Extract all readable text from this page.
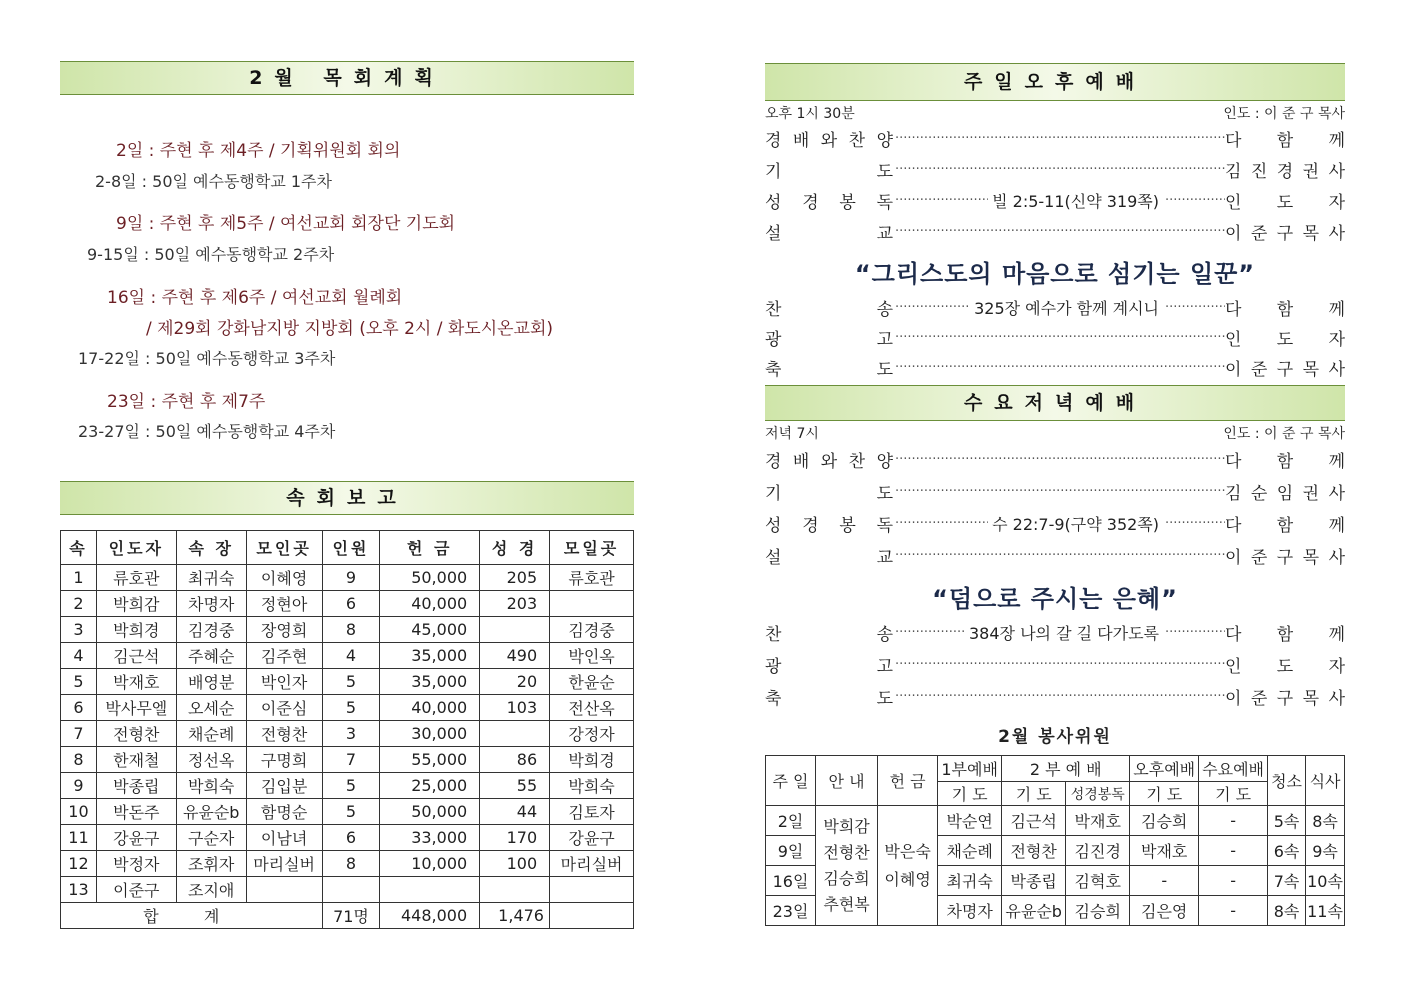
2월 목회계획
2일 : 주현 후 제4주 / 기획위원회 회의
2-8일 : 50일 예수동행학교 1주차
9일 : 주현 후 제5주 / 여선교회 회장단 기도회
9-15일 : 50일 예수동행학교 2주차
16일 : 주현 후 제6주 / 여선교회 월례회
/ 제29회 강화남지방 지방회 (오후 2시 / 화도시온교회)
17-22일 : 50일 예수동행학교 3주차
23일 : 주현 후 제7주
23-27일 : 50일 예수동행학교 4주차
속회보고
속	인도자	속 장	모인곳	인원	헌 금	성 경	모일곳
1	류호관	최귀숙	이혜영	9	50,000	205	류호관
2	박희감	차명자	정현아	6	40,000	203	
3	박희경	김경중	장영희	8	45,000		김경중
4	김근석	주혜순	김주현	4	35,000	490	박인옥
5	박재호	배영분	박인자	5	35,000	20	한윤순
6	박사무엘	오세순	이준심	5	40,000	103	전산옥
7	전형찬	채순례	전형찬	3	30,000		강정자
8	한재철	정선옥	구명희	7	55,000	86	박희경
9	박종립	박희숙	김입분	5	25,000	55	박희숙
10	박돈주	유윤순b	함명순	5	50,000	44	김토자
11	강윤구	구순자	이남녀	6	33,000	170	강윤구
12	박정자	조휘자	마리실버	8	10,000	100	마리실버
13	이준구	조지애					
합 계				71명	448,000	1,476	
주일오후예배
오후 1시 30분	인도 : 이 준 구 목사
경 배 와 찬 양 ·····	다 함 께
기	도 ·····	김 진 경 권 사
성 경 봉 독 ·····	빌 2:5-11(신약 319쪽) ·····	인 도 자
설	교 ·····	이 준 구 목 사
“그리스도의 마음으로 섬기는 일꾼”
찬	송 ·····	325장 예수가 함께 계시니 ·····	다 함 께
광	고 ·····	인 도 자
축	도 ·····	이 준 구 목 사
수요저녁예배
저녁 7시	인도 : 이 준 구 목사
경 배 와 찬 양 ·····	다 함 께
기	도 ·····	김 순 임 권 사
성 경 봉 독 ·····	수 22:7-9(구약 352쪽) ·····	다 함 께
설	교 ·····	이 준 구 목 사
“덤으로 주시는 은혜”
찬	송 ·····	384장 나의 갈 길 다가도록 ·····	다 함 께
광	고 ·····	인 도 자
축	도 ·····	이 준 구 목 사
2월 봉사위원
주 일	안 내	헌 금	1부예배	2 부 예 배		오후예배	수요예배	청소	식사
			기 도	기 도	성경봉독	기 도	기 도		
2일	박희감 전형찬 김승희 추현복	박은숙 이혜영	박순연	김근석	박재호	김승희	-	5속	8속
9일			채순례	전형찬	김진경	박재호	-	6속	9속
16일			최귀숙	박종립	김혁호	-	-	7속	10속
23일			차명자	유윤순b	김승희	김은영	-	8속	11속
